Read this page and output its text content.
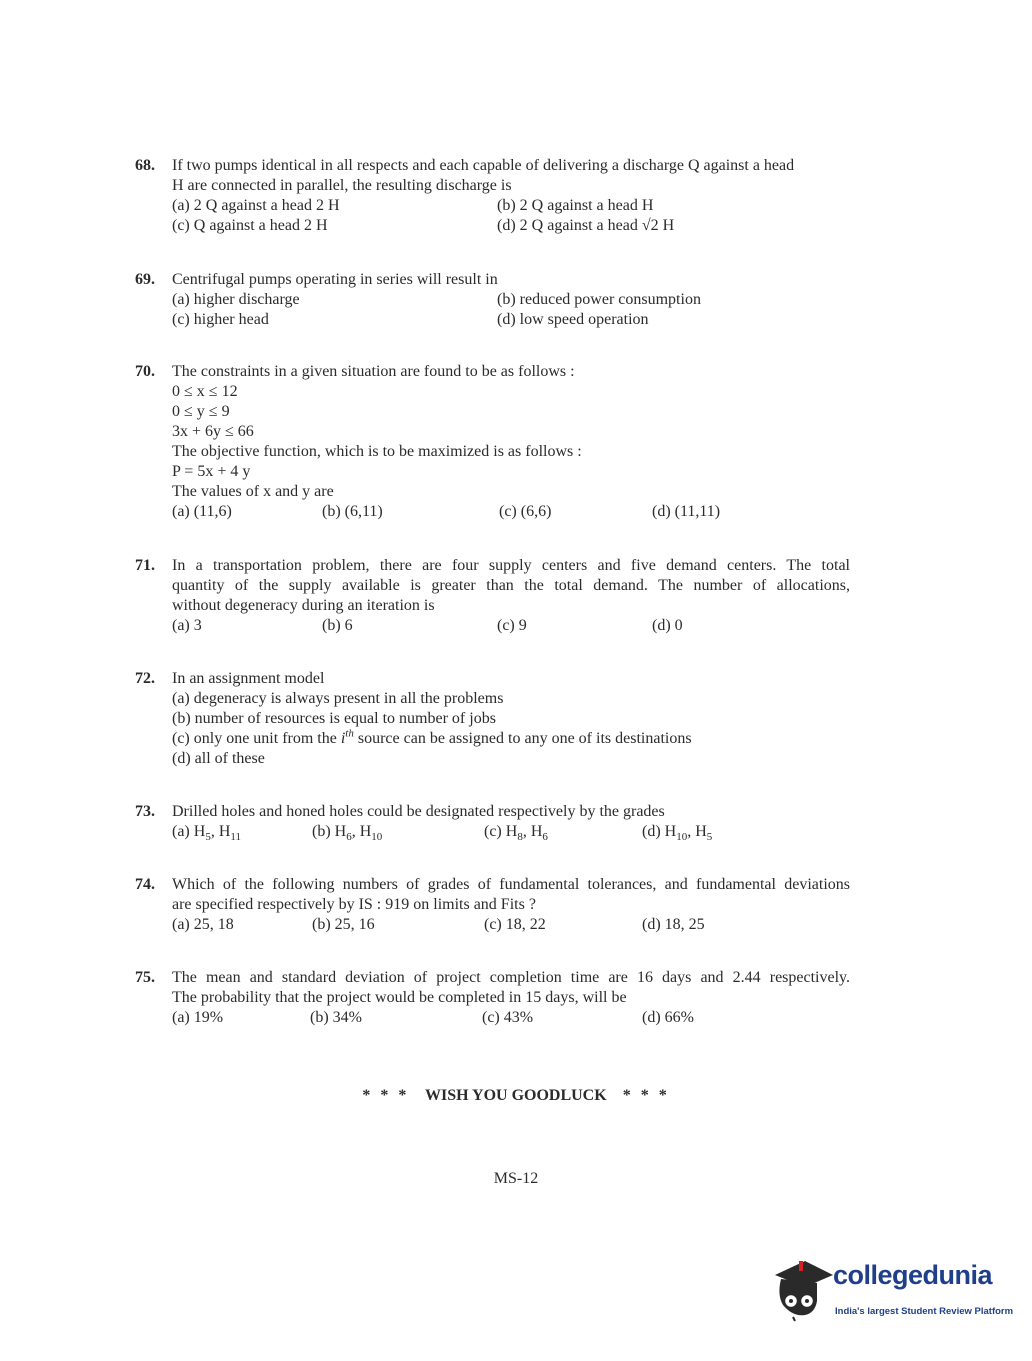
68. If two pumps identical in all respects and each capable of delivering a discharge Q against a head
H are connected in parallel, the resulting discharge is
(a) 2 Q against a head 2 H	(b) 2 Q against a head H
(c) Q against a head 2 H	(d) 2 Q against a head √2 H
69. Centrifugal pumps operating in series will result in
(a) higher discharge	(b) reduced power consumption
(c) higher head	(d) low speed operation
70. The constraints in a given situation are found to be as follows :
0 ≤ x ≤ 12
0 ≤ y ≤ 9
3x + 6y ≤ 66
The objective function, which is to be maximized is as follows :
P = 5x + 4 y
The values of x and y are
(a) (11,6)	(b) (6,11)	(c) (6,6)	(d) (11,11)
71. In a transportation problem, there are four supply centers and five demand centers. The total
quantity of the supply available is greater than the total demand. The number of allocations,
without degeneracy during an iteration is
(a) 3	(b) 6	(c) 9	(d) 0
72. In an assignment model
(a) degeneracy is always present in all the problems
(b) number of resources is equal to number of jobs
(c) only one unit from the $i^{th}$ source can be assigned to any one of its destinations
(d) all of these
73. Drilled holes and honed holes could be designated respectively by the grades
(a) $H_5$, $H_{11}$	(b) $H_6$, $H_{10}$	(c) $H_8$, $H_6$	(d) $H_{10}$, $H_5$
74. Which of the following numbers of grades of fundamental tolerances, and fundamental deviations
are specified respectively by IS : 919 on limits and Fits ?
(a) 25, 18	(b) 25, 16	(c) 18, 22	(d) 18, 25
75. The mean and standard deviation of project completion time are 16 days and 2.44 respectively.
The probability that the project would be completed in 15 days, will be
(a) 19%	(b) 34%	(c) 43%	(d) 66%
* * * WISH YOU GOODLUCK * * *
MS-12
collegedunia
India's largest Student Review Platform
